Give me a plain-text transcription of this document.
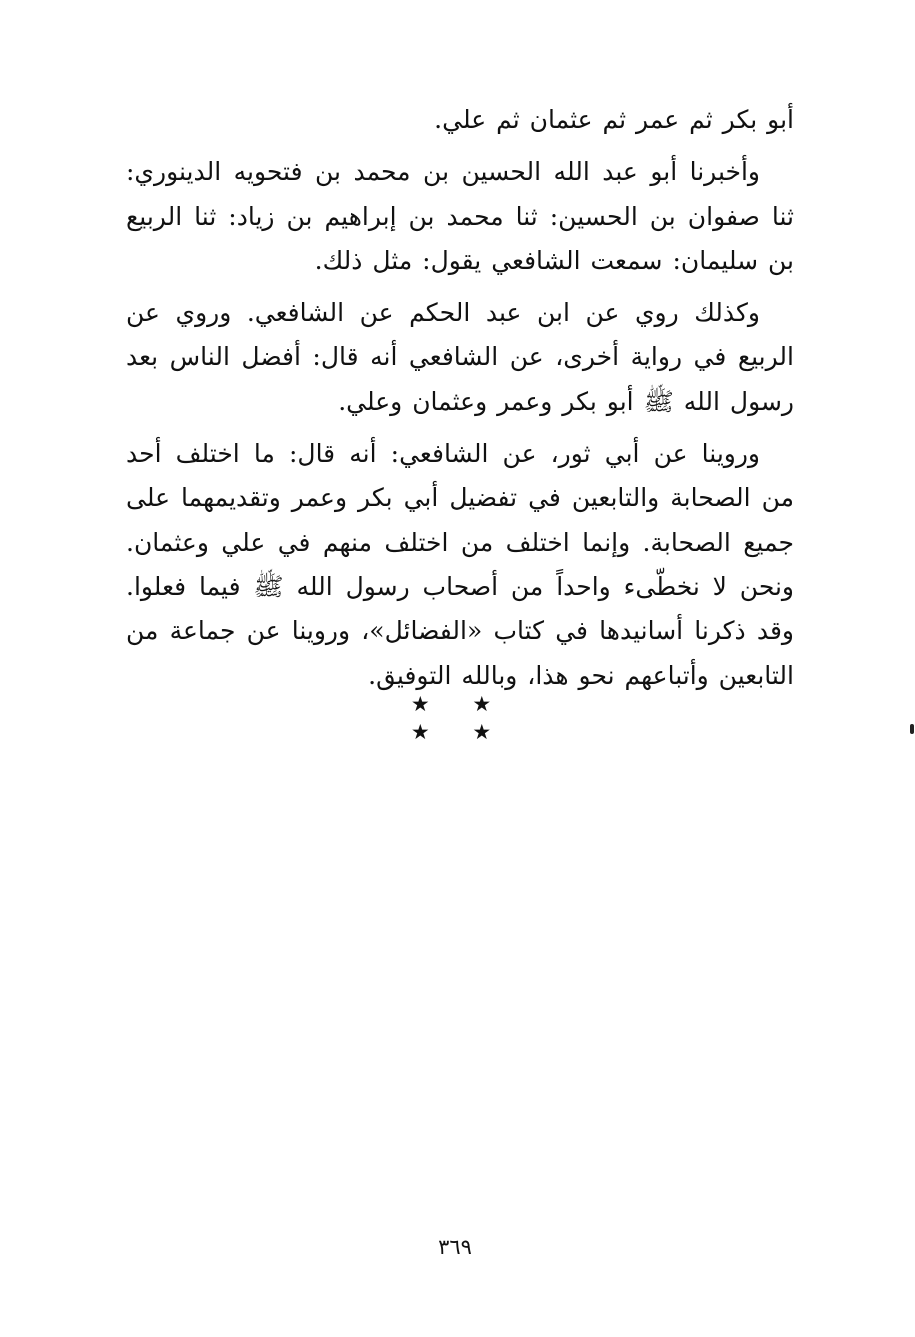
أبو بكر ثم عمر ثم عثمان ثم علي.

وأخبرنا أبو عبد الله الحسين بن محمد بن فتحويه الدينوري: ثنا صفوان بن الحسين: ثنا محمد بن إبراهيم بن زياد: ثنا الربيع بن سليمان: سمعت الشافعي يقول: مثل ذلك.

وكذلك روي عن ابن عبد الحكم عن الشافعي. وروي عن الربيع في رواية أخرى، عن الشافعي أنه قال: أفضل الناس بعد رسول الله ﷺ أبو بكر وعمر وعثمان وعلي.

وروينا عن أبي ثور، عن الشافعي: أنه قال: ما اختلف أحد من الصحابة والتابعين في تفضيل أبي بكر وعمر وتقديمهما على جميع الصحابة. وإنما اختلف من اختلف منهم في علي وعثمان. ونحن لا نخطّىء واحداً من أصحاب رسول الله ﷺ فيما فعلوا. وقد ذكرنا أسانيدها في كتاب «الفضائل»، وروينا عن جماعة من التابعين وأتباعهم نحو هذا، وبالله التوفيق.

★ ★ ★ ★
٣٦٩
